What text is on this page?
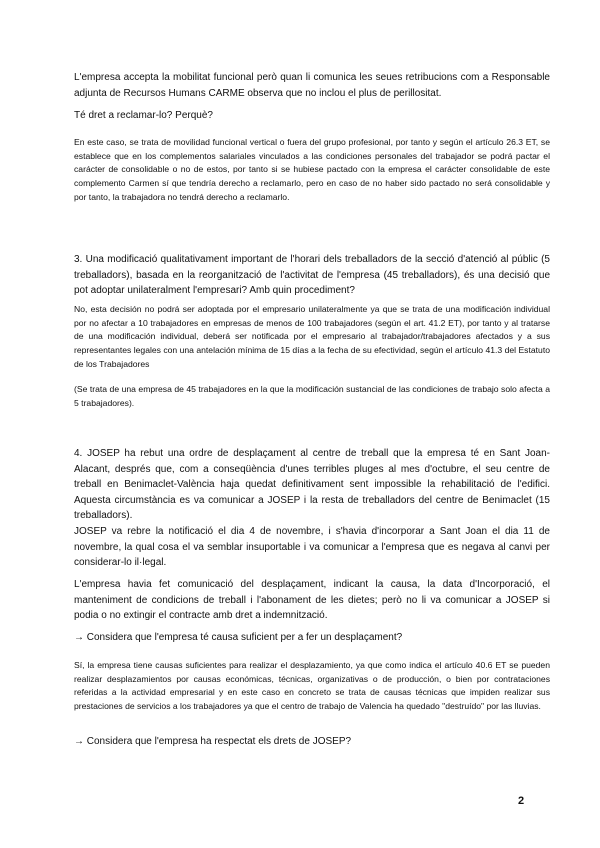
L'empresa accepta la mobilitat funcional però quan li comunica les seues retribucions com a Responsable adjunta de Recursos Humans CARME observa que no inclou el plus de perillositat.

Té dret a reclamar-lo? Perquè?

En este caso, se trata de movilidad funcional vertical o fuera del grupo profesional, por tanto y según el artículo 26.3 ET, se establece que en los complementos salariales vinculados a las condiciones personales del trabajador se podrá pactar el carácter de consolidable o no de estos, por tanto si se hubiese pactado con la empresa el carácter consolidable de este complemento Carmen sí que tendría derecho a reclamarlo, pero en caso de no haber sido pactado no será consolidable y por tanto, la trabajadora no tendrá derecho a reclamarlo.

3. Una modificació qualitativament important de l'horari dels treballadors de la secció d'atenció al públic (5 treballadors), basada en la reorganització de l'activitat de l'empresa (45 treballadors), és una decisió que pot adoptar unilateralment l'empresari? Amb quin procediment?

No, esta decisión no podrá ser adoptada por el empresario unilateralmente ya que se trata de una modificación individual por no afectar a 10 trabajadores en empresas de menos de 100 trabajadores (según el art. 41.2 ET), por tanto y al tratarse de una modificación individual, deberá ser notificada por el empresario al trabajador/trabajadores afectados y a sus representantes legales con una antelación mínima de 15 días a la fecha de su efectividad, según el artículo 41.3 del Estatuto de los Trabajadores

(Se trata de una empresa de 45 trabajadores en la que la modificación sustancial de las condiciones de trabajo solo afecta a 5 trabajadores).

4. JOSEP ha rebut una ordre de desplaçament al centre de treball que la empresa té en Sant Joan-Alacant, després que, com a conseqüència d'unes terribles pluges al mes d'octubre, el seu centre de treball en Benimaclet-València haja quedat definitivament sent impossible la rehabilitació de l'edifici. Aquesta circumstància es va comunicar a JOSEP i la resta de treballadors del centre de Benimaclet (15 treballadors).

JOSEP va rebre la notificació el dia 4 de novembre, i s'havia d'incorporar a Sant Joan el dia 11 de novembre, la qual cosa el va semblar insuportable i va comunicar a l'empresa que es negava al canvi per considerar-lo il·legal.

L'empresa havia fet comunicació del desplaçament, indicant la causa, la data d'Incorporació, el manteniment de condicions de treball i l'abonament de les dietes; però no li va comunicar a JOSEP si podia o no extingir el contracte amb dret a indemnització.

→ Considera que l'empresa té causa suficient per a fer un desplaçament?

Sí, la empresa tiene causas suficientes para realizar el desplazamiento, ya que como indica el artículo 40.6 ET se pueden realizar desplazamientos por causas económicas, técnicas, organizativas o de producción, o bien por contrataciones referidas a la actividad empresarial y en este caso en concreto se trata de causas técnicas que impiden realizar sus prestaciones de servicios a los trabajadores ya que el centro de trabajo de Valencia ha quedado "destruído" por las lluvias.

→ Considera que l'empresa ha respectat els drets de JOSEP?

2
